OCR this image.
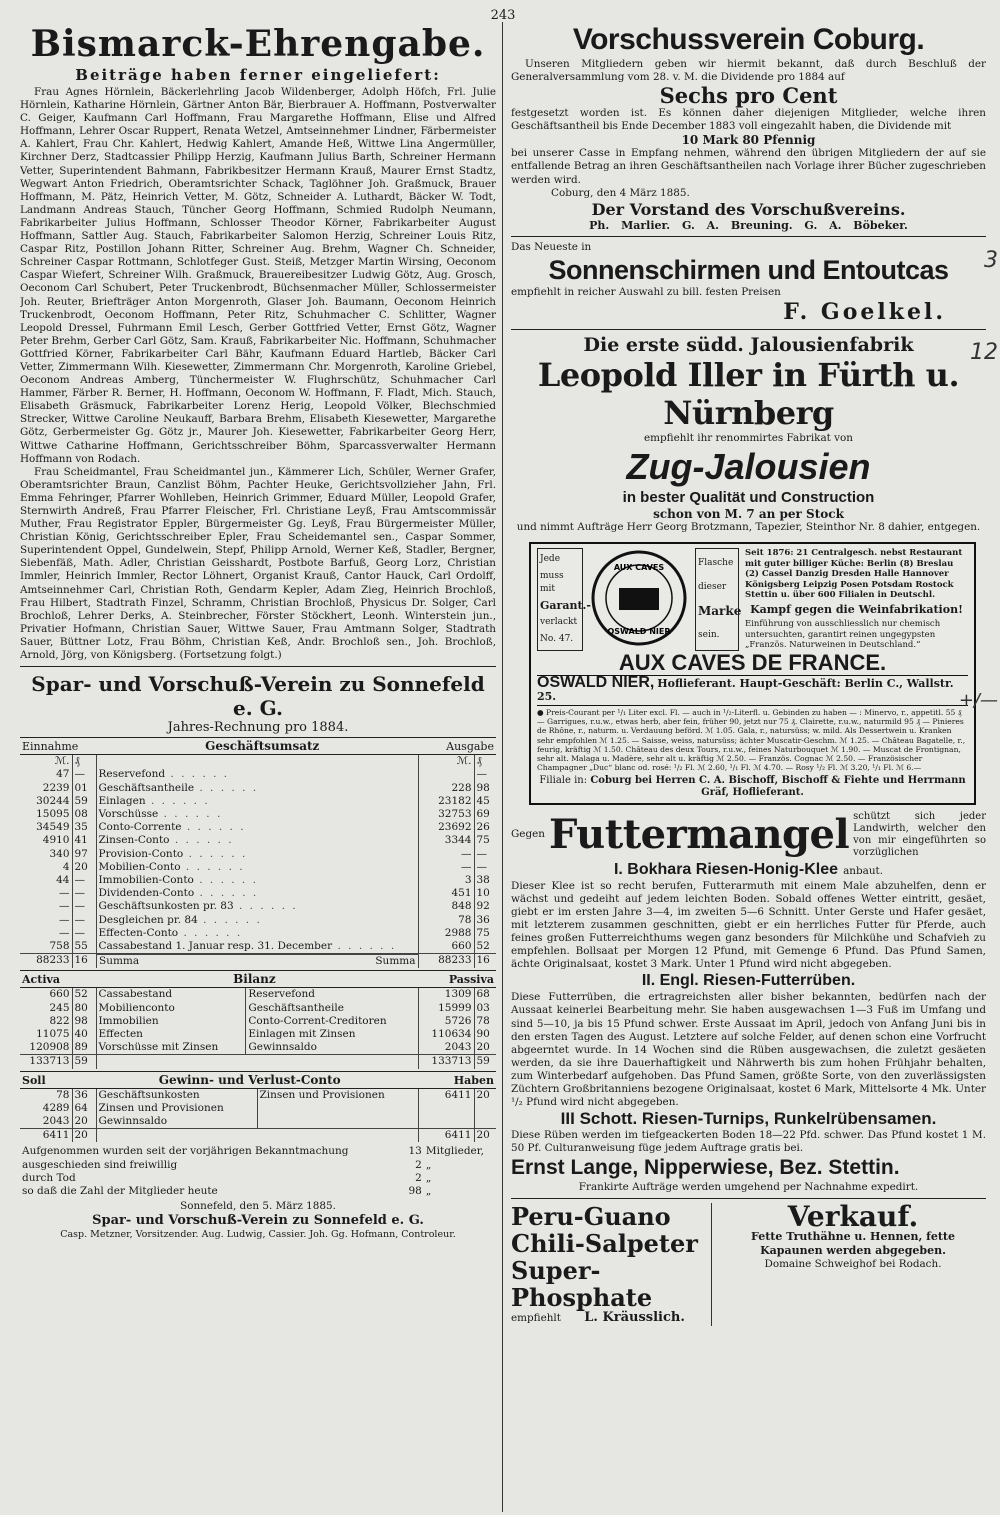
243
Bismarck-Ehrengabe.
Beiträge haben ferner eingeliefert:

Frau Agnes Hörnlein, Bäckerlehrling Jacob Wildenberger, Adolph Höfch, Frl. Julie Hörnlein, Katharine Hörnlein, Gärtner Anton Bär, Bierbrauer A. Hoffmann, Postverwalter C. Geiger, Kaufmann Carl Hoffmann, Frau Margarethe Hoffmann, Elise und Alfred Hoffmann, Lehrer Oscar Ruppert, Renata Wetzel, Amtseinnehmer Lindner, Färbermeister A. Kahlert, Frau Chr. Kahlert, Hedwig Kahlert, Amande Heß, Wittwe Lina Angermüller, Kirchner Derz, Stadtcassier Philipp Herzig, Kaufmann Julius Barth, Schreiner Hermann Vetter, Superintendent Bahmann, Fabrikbesitzer Hermann Krauß, Maurer Ernst Stadtz, Wegwart Anton Friedrich, Oberamtsrichter Schack, Taglöhner Joh. Graßmuck, Brauer Hoffmann, M. Pätz, Heinrich Vetter, M. Götz, Schneider A. Luthardt, Bäcker W. Todt, Landmann Andreas Stauch, Tüncher Georg Hoffmann, Schmied Rudolph Neumann, Fabrikarbeiter Julius Hoffmann, Schlosser Theodor Körner, Fabrikarbeiter August Hoffmann, Sattler Aug. Stauch, Fabrikarbeiter Salomon Herzig, Schreiner Louis Ritz, Caspar Ritz, Postillon Johann Ritter, Schreiner Aug. Brehm, Wagner Ch. Schneider, Schreiner Caspar Rottmann, Schlotfeger Gust. Steiß, Metzger Martin Wirsing, Oeconom Caspar Wiefert, Schreiner Wilh. Graßmuck, Brauereibesitzer Ludwig Götz, Aug. Grosch, Oeconom Carl Schubert, Peter Truckenbrodt, Büchsenmacher Müller, Schlossermeister Joh. Reuter, Briefträger Anton Morgenroth, Glaser Joh. Baumann, Oeconom Heinrich Truckenbrodt, Oeconom Hoffmann, Peter Ritz, Schuhmacher C. Schlitter, Wagner Leopold Dressel, Fuhrmann Emil Lesch, Gerber Gottfried Vetter, Ernst Götz, Wagner Peter Brehm, Gerber Carl Götz, Sam. Krauß, Fabrikarbeiter Nic. Hoffmann, Schuhmacher Gottfried Körner, Fabrikarbeiter Carl Bähr, Kaufmann Eduard Hartleb, Bäcker Carl Vetter, Zimmermann Wilh. Kiesewetter, Zimmermann Chr. Morgenroth, Karoline Griebel, Oeconom Andreas Amberg, Tünchermeister W. Flughrschütz, Schuhmacher Carl Hammer, Färber R. Berner, H. Hoffmann, Oeconom W. Hoffmann, F. Fladt, Mich. Stauch, Elisabeth Gräsmuck, Fabrikarbeiter Lorenz Herig, Leopold Völker, Blechschmied Strecker, Wittwe Caroline Neukauff, Barbara Brehm, Elisabeth Kiesewetter, Margarethe Götz, Gerbermeister Gg. Götz jr., Maurer Joh. Kiesewetter, Fabrikarbeiter Georg Herr, Wittwe Catharine Hoffmann, Gerichtsschreiber Böhm, Sparcassverwalter Hermann Hoffmann von Rodach.

Frau Scheidmantel, Frau Scheidmantel jun., Kämmerer Lich, Schüler, Werner Grafer, Oberamtsrichter Braun, Canzlist Böhm, Pachter Heuke, Gerichtsvollzieher Jahn, Frl. Emma Fehringer, Pfarrer Wohlleben, Heinrich Grimmer, Eduard Müller, Leopold Grafer, Sternwirth Andreß, Frau Pfarrer Fleischer, Frl. Christiane Leyß, Frau Amtscommissär Muther, Frau Registrator Eppler, Bürgermeister Gg. Leyß, Frau Bürgermeister Müller, Christian König, Gerichtsschreiber Epler, Frau Scheidemantel sen., Caspar Sommer, Superintendent Oppel, Gundelwein, Stepf, Philipp Arnold, Werner Keß, Stadler, Bergner, Siebenfäß, Math. Adler, Christian Geisshardt, Postbote Barfuß, Georg Lorz, Christian Immler, Heinrich Immler, Rector Löhnert, Organist Krauß, Cantor Hauck, Carl Ordolff, Amtseinnehmer Carl, Christian Roth, Gendarm Kepler, Adam Zieg, Heinrich Brochloß, Frau Hilbert, Stadtrath Finzel, Schramm, Christian Brochloß, Physicus Dr. Solger, Carl Brochloß, Lehrer Derks, A. Steinbrecher, Förster Stöckhert, Leonh. Winterstein jun., Privatier Hofmann, Christian Sauer, Wittwe Sauer, Frau Amtmann Solger, Stadtrath Sauer, Büttner Lotz, Frau Böhm, Christian Keß, Andr. Brochloß sen., Joh. Brochloß, Arnold, Jörg, von Königsberg. (Fortsetzung folgt.)

Spar- und Vorschuß-Verein zu Sonnefeld e. G.
Jahres-Rechnung pro 1884.
Einnahme	Geschäftsumsatz	Ausgabe
ℳ.	₰		ℳ.	₰
47	—	Reservefond . . . . . .		—
2239	01	Geschäftsantheile . . . . . .	228	98
30244	59	Einlagen . . . . . .	23182	45
15095	08	Vorschüsse . . . . . .	32753	69
34549	35	Conto-Corrente . . . . . .	23692	26
4910	41	Zinsen-Conto . . . . . .	3344	75
340	97	Provision-Conto . . . . . .	—	—
4	20	Mobilien-Conto . . . . . .	—	—
44	—	Immobilien-Conto . . . . . .	3	38
—	—	Dividenden-Conto . . . . . .	451	10
—	—	Geschäftsunkosten pr. 83 . . . . . .	848	92
—	—	Desgleichen pr. 84 . . . . . .	78	36
—	—	Effecten-Conto . . . . . .	2988	75
758	55	Cassabestand 1. Januar resp. 31. December . . . . . .	660	52
88233	16	Summa	Summa 88233	16
Activa	Bilanz	Passiva
660	52	Cassabestand	Reservefond	1309	68
245	80	Mobilienconto	Geschäftsantheile	15999	03
822	98	Immobilien	Conto-Corrent-Creditoren	5726	78
11075	40	Effecten	Einlagen mit Zinsen	110634	90
120908	89	Vorschüsse mit Zinsen	Gewinnsaldo	2043	20
133713	59			133713	59
Soll	Gewinn- und Verlust-Conto	Haben
78	36	Geschäftsunkosten	Zinsen und Provisionen	6411	20
4289	64	Zinsen und Provisionen			
2043	20	Gewinnsaldo			
6411	20			6411	20
Aufgenommen wurden seit der vorjährigen Bekanntmachung	13	Mitglieder,
ausgeschieden sind freiwillig	2	„
durch Tod	2	„
so daß die Zahl der Mitglieder heute	98	„
Sonnefeld, den 5. März 1885.
Spar- und Vorschuß-Verein zu Sonnefeld e. G.
Casp. Metzner, Vorsitzender. Aug. Ludwig, Cassier. Joh. Gg. Hofmann, Controleur.
Vorschussverein Coburg.

Unseren Mitgliedern geben wir hiermit bekannt, daß durch Beschluß der Generalversammlung vom 28. v. M. die Dividende pro 1884 auf

Sechs pro Cent

festgesetzt worden ist. Es können daher diejenigen Mitglieder, welche ihren Geschäftsantheil bis Ende December 1883 voll eingezahlt haben, die Dividende mit

10 Mark 80 Pfennig

bei unserer Casse in Empfang nehmen, während den übrigen Mitgliedern der auf sie entfallende Betrag an ihren Geschäftsantheilen nach Vorlage ihrer Bücher zugeschrieben werden wird.

Coburg, den 4 März 1885.
Der Vorstand des Vorschußvereins.
Ph. Marlier. G. A. Breuning. G. A. Böbeker.
Das Neueste in
Sonnenschirmen und Entoutcas
empfiehlt in reicher Auswahl zu bill. festen Preisen
F. Goelkel.
Die erste südd. Jalousienfabrik
Leopold Iller in Fürth u. Nürnberg
empfiehlt ihr renommirtes Fabrikat von
Zug-Jalousien
in bester Qualität und Construction
schon von M. 7 an per Stock
und nimmt Aufträge Herr Georg Brotzmann, Tapezier, Steinthor Nr. 8 dahier, entgegen.
Jede
muss mit
Garant.-
verlackt
No. 47.
AUX CAVES
OSWALD NIER
Flasche
dieser
Marke
sein.
Seit 1876: 21 Centralgesch. nebst Restaurant mit guter billiger Küche: Berlin (8) Breslau (2) Cassel Danzig Dresden Halle Hannover Königsberg Leipzig Posen Potsdam Rostock Stettin u. über 600 Filialen in Deutschl.
Kampf gegen die Weinfabrikation!
Einführung von ausschliesslich nur chemisch untersuchten, garantirt reinen ungegypsten „Französ. Naturweinen in Deutschland.“
AUX CAVES DE FRANCE.
OSWALD NIER, Hoflieferant. Haupt-Geschäft: Berlin C., Wallstr. 25.
● Preis-Courant per ¹/₁ Liter excl. Fl. — auch in ¹/₂-Literfl. u. Gebinden zu haben — : Minervo, r., appetitl. 55 ₰ — Garrigues, r.u.w., etwas herb, aber fein, früher 90, jetzt nur 75 ₰. Clairette, r.u.w., naturmild 95 ₰ — Pinieres de Rhône, r., naturm. u. Verdauung beförd. ℳ 1.05. Gala, r., natursüss; w. mild. Als Dessertwein u. Kranken sehr empfohlen ℳ 1.25. — Saisse, weiss, natursüss; ächter Muscatir-Geschm. ℳ 1.25. — Château Bagatelle, r., feurig, kräftig ℳ 1.50. Château des deux Tours, r.u.w., feines Naturbouquet ℳ 1.90. — Muscat de Frontignan, sehr alt. Malaga u. Madère, sehr alt u. kräftig ℳ 2.50. — Französ. Cognac ℳ 2.50. — Französischer Champagner „Duc“ blanc od. rosé: ¹/₂ Fl. ℳ 2.60, ¹/₁ Fl. ℳ 4.70. — Rosy ¹/₂ Fl. ℳ 3.20, ¹/₁ Fl. ℳ 6.—
Filiale in: Coburg bei Herren C. A. Bischoff, Bischoff & Fiehte und Herrmann Gräf, Hoflieferant.
Gegen Futtermangel schützt sich jeder Landwirth, welcher den von mir eingeführten so vorzüglichen
I. Bokhara Riesen-Honig-Klee anbaut.

Dieser Klee ist so recht berufen, Futterarmuth mit einem Male abzuhelfen, denn er wächst und gedeiht auf jedem leichten Boden. Sobald offenes Wetter eintritt, gesäet, giebt er im ersten Jahre 3—4, im zweiten 5—6 Schnitt. Unter Gerste und Hafer gesäet, mit letzterem zusammen geschnitten, giebt er ein herrliches Futter für Pferde, auch feines großen Futterreichthums wegen ganz besonders für Milchkühe und Schafvieh zu empfehlen. Bollsaat per Morgen 12 Pfund, mit Gemenge 6 Pfund. Das Pfund Samen, ächte Originalsaat, kostet 3 Mark. Unter 1 Pfund wird nicht abgegeben.

II. Engl. Riesen-Futterrüben.

Diese Futterrüben, die ertragreichsten aller bisher bekannten, bedürfen nach der Aussaat keinerlei Bearbeitung mehr. Sie haben ausgewachsen 1—3 Fuß im Umfang und sind 5—10, ja bis 15 Pfund schwer. Erste Aussaat im April, jedoch von Anfang Juni bis in den ersten Tagen des August. Letztere auf solche Felder, auf denen schon eine Vorfrucht abgeerntet wurde. In 14 Wochen sind die Rüben ausgewachsen, die zuletzt gesäeten werden, da sie ihre Dauerhaftigkeit und Nährwerth bis zum hohen Frühjahr behalten, zum Winterbedarf aufgehoben. Das Pfund Samen, größte Sorte, von den zuverlässigsten Züchtern Großbritanniens bezogene Originalsaat, kostet 6 Mark, Mittelsorte 4 Mk. Unter ¹/₂ Pfund wird nicht abgegeben.

III Schott. Riesen-Turnips, Runkelrübensamen.

Diese Rüben werden im tiefgeackerten Boden 18—22 Pfd. schwer. Das Pfund kostet 1 M. 50 Pf. Culturanweisung füge jedem Auftrage gratis bei.

Ernst Lange, Nipperwiese, Bez. Stettin.
Frankirte Aufträge werden umgehend per Nachnahme expedirt.
Peru-Guano
Chili-Salpeter
Super-Phosphate
empfiehlt L. Kräusslich.
Verkauf.
Fette Truthähne u. Hennen, fette Kapaunen werden abgegeben.
Domaine Schweighof bei Rodach.
3
12
+/—
